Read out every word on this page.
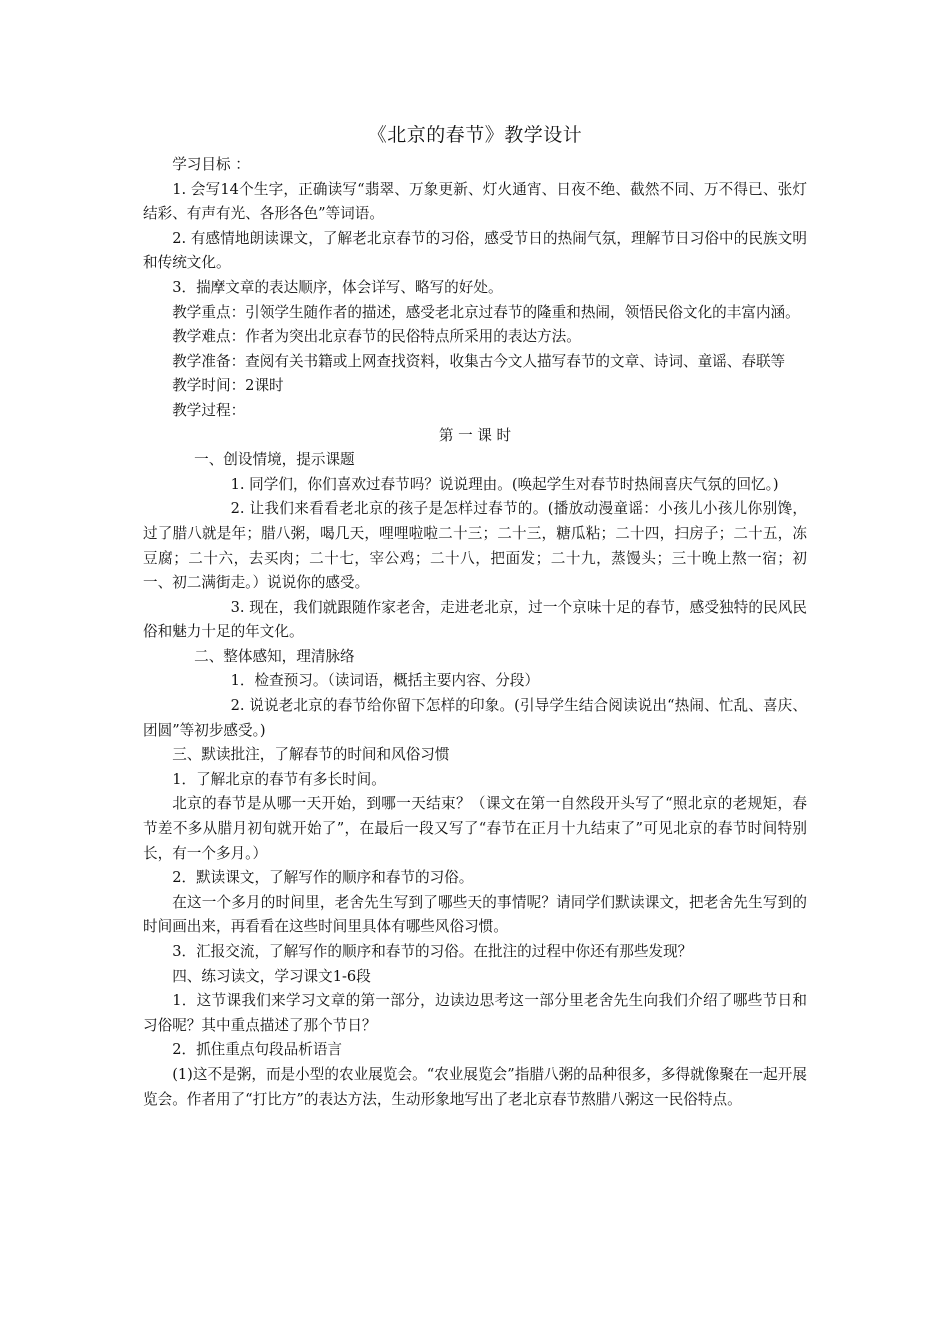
《北京的春节》教学设计

学习目标 ：

1. 会写14个生字，正确读写“翡翠、万象更新、灯火通宵、日夜不绝、截然不同、万不得已、张灯结彩、有声有光、各形各色”等词语。

2. 有感情地朗读课文，了解老北京春节的习俗，感受节日的热闹气氛，理解节日习俗中的民族文明和传统文化。

3．揣摩文章的表达顺序，体会详写、略写的好处。

教学重点：引领学生随作者的描述，感受老北京过春节的隆重和热闹，领悟民俗文化的丰富内涵。

教学难点：作者为突出北京春节的民俗特点所采用的表达方法。

教学准备：查阅有关书籍或上网查找资料，收集古今文人描写春节的文章、诗词、童谣、春联等

教学时间：2课时

教学过程：

第 一 课 时

一、创设情境，提示课题

1. 同学们，你们喜欢过春节吗？说说理由。(唤起学生对春节时热闹喜庆气氛的回忆。)

2. 让我们来看看老北京的孩子是怎样过春节的。(播放动漫童谣：小孩儿小孩儿你别馋，过了腊八就是年；腊八粥，喝几天，哩哩啦啦二十三；二十三，糖瓜粘；二十四，扫房子；二十五，冻豆腐；二十六，去买肉；二十七，宰公鸡；二十八，把面发；二十九，蒸馒头；三十晚上熬一宿；初一、初二满街走。）说说你的感受。

3. 现在，我们就跟随作家老舍，走进老北京，过一个京味十足的春节，感受独特的民风民俗和魅力十足的年文化。

二、整体感知，理清脉络

1．检查预习。（读词语，概括主要内容、分段）

2. 说说老北京的春节给你留下怎样的印象。(引导学生结合阅读说出“热闹、忙乱、喜庆、团圆”等初步感受。)

三、默读批注，了解春节的时间和风俗习惯

1．了解北京的春节有多长时间。

北京的春节是从哪一天开始，到哪一天结束？（课文在第一自然段开头写了“照北京的老规矩，春节差不多从腊月初旬就开始了”，在最后一段又写了“春节在正月十九结束了”可见北京的春节时间特别长，有一个多月。）

2．默读课文，了解写作的顺序和春节的习俗。

在这一个多月的时间里，老舍先生写到了哪些天的事情呢？请同学们默读课文，把老舍先生写到的时间画出来，再看看在这些时间里具体有哪些风俗习惯。

3．汇报交流，了解写作的顺序和春节的习俗。在批注的过程中你还有那些发现？

四、练习读文，学习课文1-6段

1．这节课我们来学习文章的第一部分，边读边思考这一部分里老舍先生向我们介绍了哪些节日和习俗呢？其中重点描述了那个节日？

2．抓住重点句段品析语言

(1)这不是粥，而是小型的农业展览会。“农业展览会”指腊八粥的品种很多，多得就像聚在一起开展览会。作者用了“打比方”的表达方法，生动形象地写出了老北京春节熬腊八粥这一民俗特点。
